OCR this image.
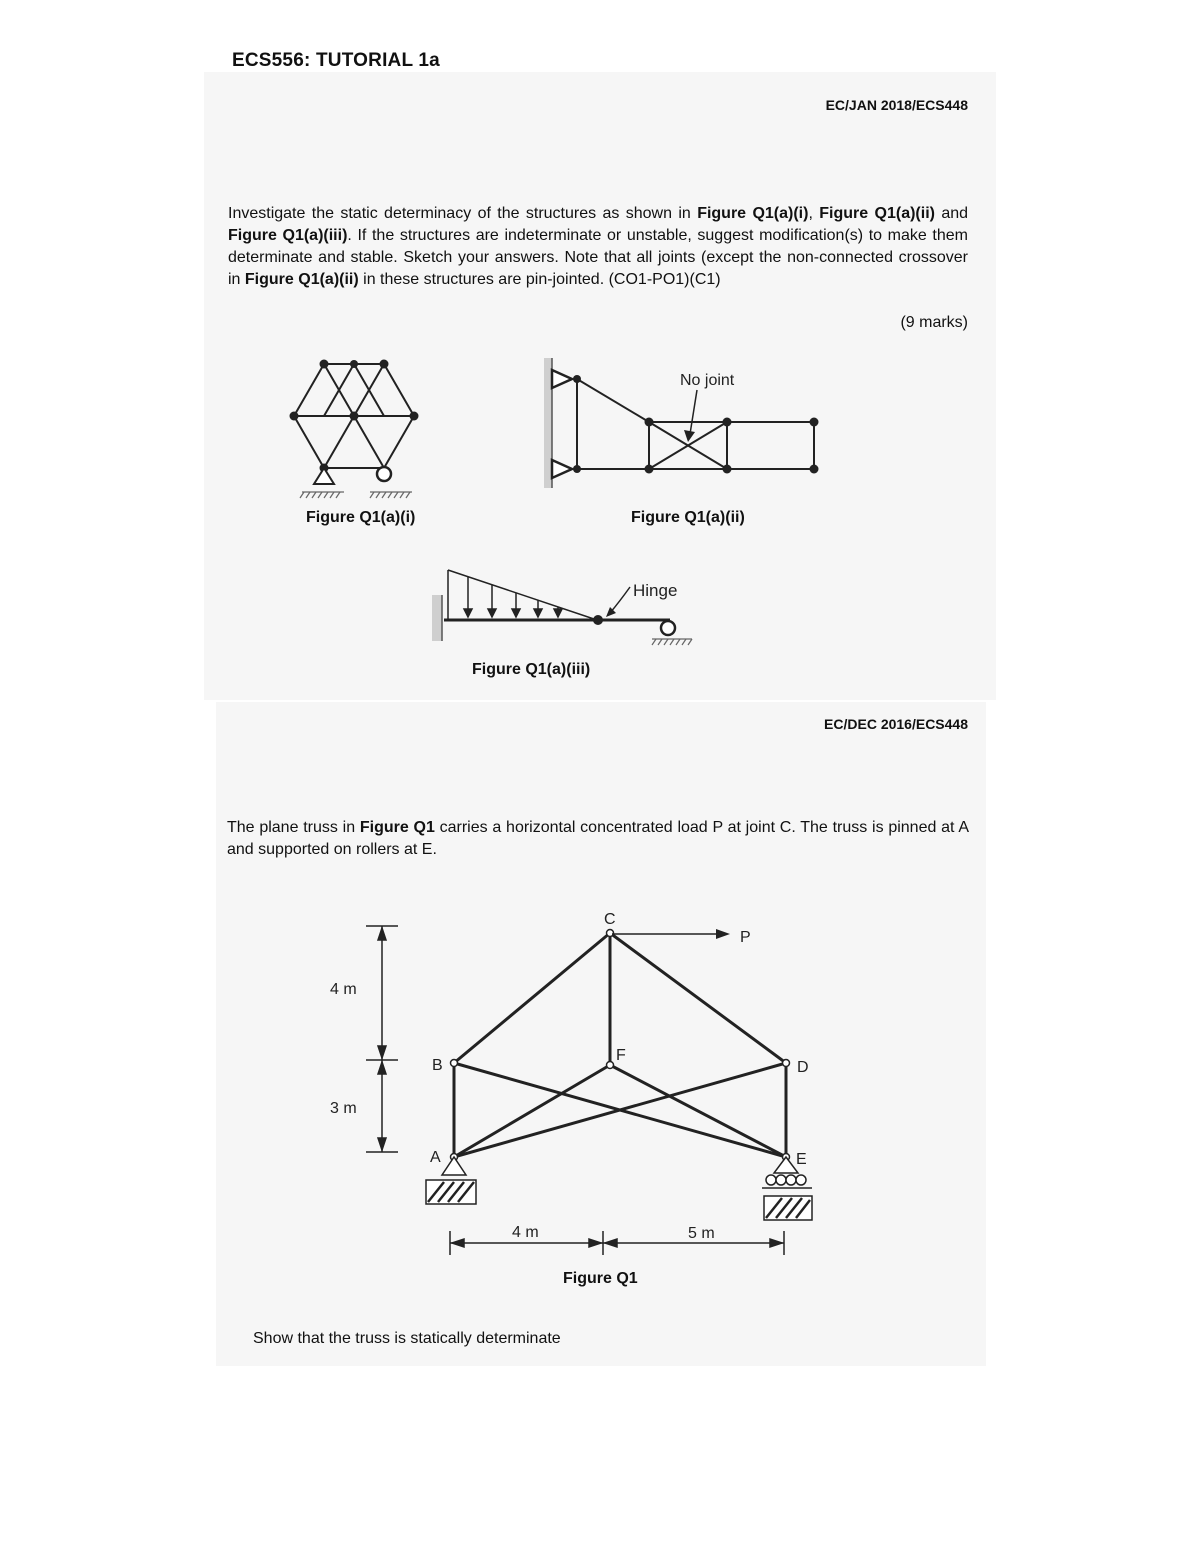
ECS556: TUTORIAL 1a
EC/JAN 2018/ECS448
Investigate the static determinacy of the structures as shown in Figure Q1(a)(i), Figure Q1(a)(ii) and Figure Q1(a)(iii). If the structures are indeterminate or unstable, suggest modification(s) to make them determinate and stable. Sketch your answers. Note that all joints (except the non-connected crossover in Figure Q1(a)(ii) in these structures are pin-jointed. (CO1-PO1)(C1)
(9 marks)
Figure Q1(a)(i)
No joint
Figure Q1(a)(ii)
Hinge
Figure Q1(a)(iii)
EC/DEC 2016/ECS448
The plane truss in Figure Q1 carries a horizontal concentrated load P at joint C. The truss is pinned at A and supported on rollers at E.
4 m
3 m
P
C
B
F
D
A	E
4 m	5 m
Figure Q1
Show that the truss is statically determinate
